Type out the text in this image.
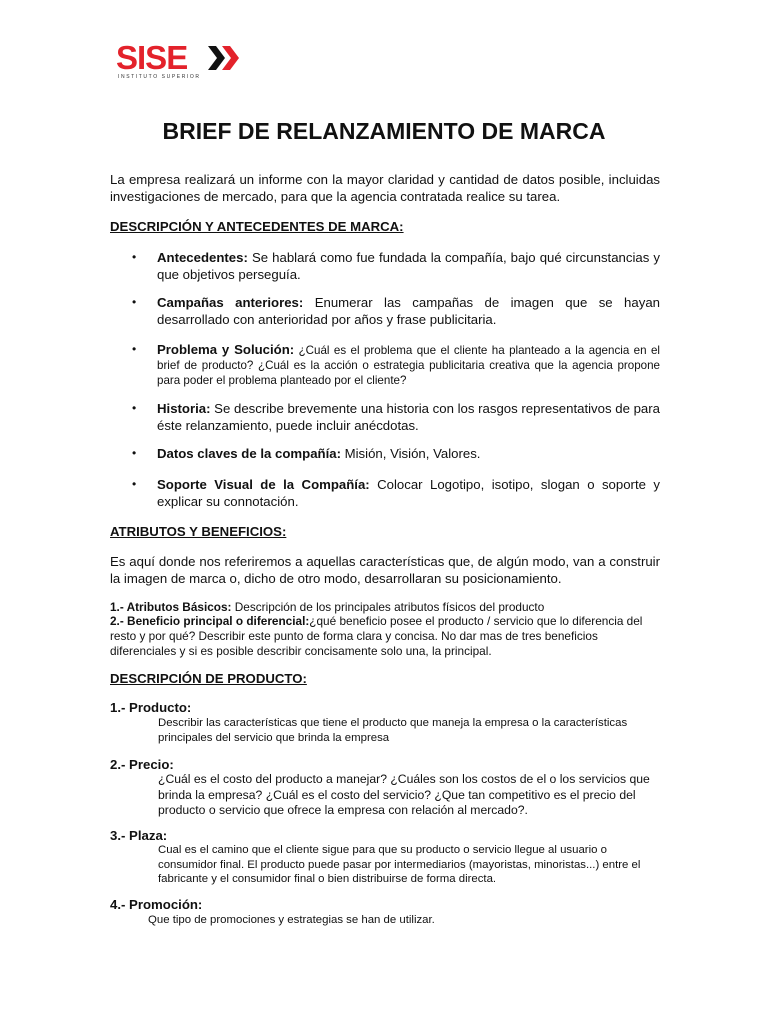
SISE
INSTITUTO SUPERIOR
BRIEF DE RELANZAMIENTO DE MARCA
La empresa realizará un informe con la mayor claridad y cantidad de datos posible, incluidas investigaciones de mercado, para que la agencia contratada realice su tarea.
DESCRIPCIÓN Y ANTECEDENTES DE MARCA:
• Antecedentes: Se hablará como fue fundada la compañía, bajo qué circunstancias y que objetivos perseguía.
• Campañas anteriores: Enumerar las campañas de imagen que se hayan desarrollado con anterioridad por años y frase publicitaria.
• Problema y Solución: ¿Cuál es el problema que el cliente ha planteado a la agencia en el brief de producto? ¿Cuál es la acción o estrategia publicitaria creativa que la agencia propone para poder el problema planteado por el cliente?
• Historia: Se describe brevemente una historia con los rasgos representativos de para éste relanzamiento, puede incluir anécdotas.
• Datos claves de la compañía: Misión, Visión, Valores.
• Soporte Visual de la Compañía: Colocar Logotipo, isotipo, slogan o soporte y explicar su connotación.
ATRIBUTOS Y BENEFICIOS:
Es aquí donde nos referiremos a aquellas características que, de algún modo, van a construir la imagen de marca o, dicho de otro modo, desarrollaran su posicionamiento.
1.- Atributos Básicos: Descripción de los principales atributos físicos del producto
2.- Beneficio principal o diferencial:¿qué beneficio posee el producto / servicio que lo diferencia del resto y por qué? Describir este punto de forma clara y concisa. No dar mas de tres beneficios diferenciales y si es posible describir concisamente solo una, la principal.
DESCRIPCIÓN DE PRODUCTO:
1.- Producto:
Describir las características que tiene el producto que maneja la empresa o la características principales del servicio que brinda la empresa
2.- Precio:
¿Cuál es el costo del producto a manejar? ¿Cuáles son los costos de el o los servicios que brinda la empresa? ¿Cuál es el costo del servicio? ¿Que tan competitivo es el precio del producto o servicio que ofrece la empresa con relación al mercado?.
3.- Plaza:
Cual es el camino que el cliente sigue para que su producto o servicio llegue al usuario o consumidor final. El producto puede pasar por intermediarios (mayoristas, minoristas...) entre el fabricante y el consumidor final o bien distribuirse de forma directa.
4.- Promoción:
Que tipo de promociones y estrategias se han de utilizar.
